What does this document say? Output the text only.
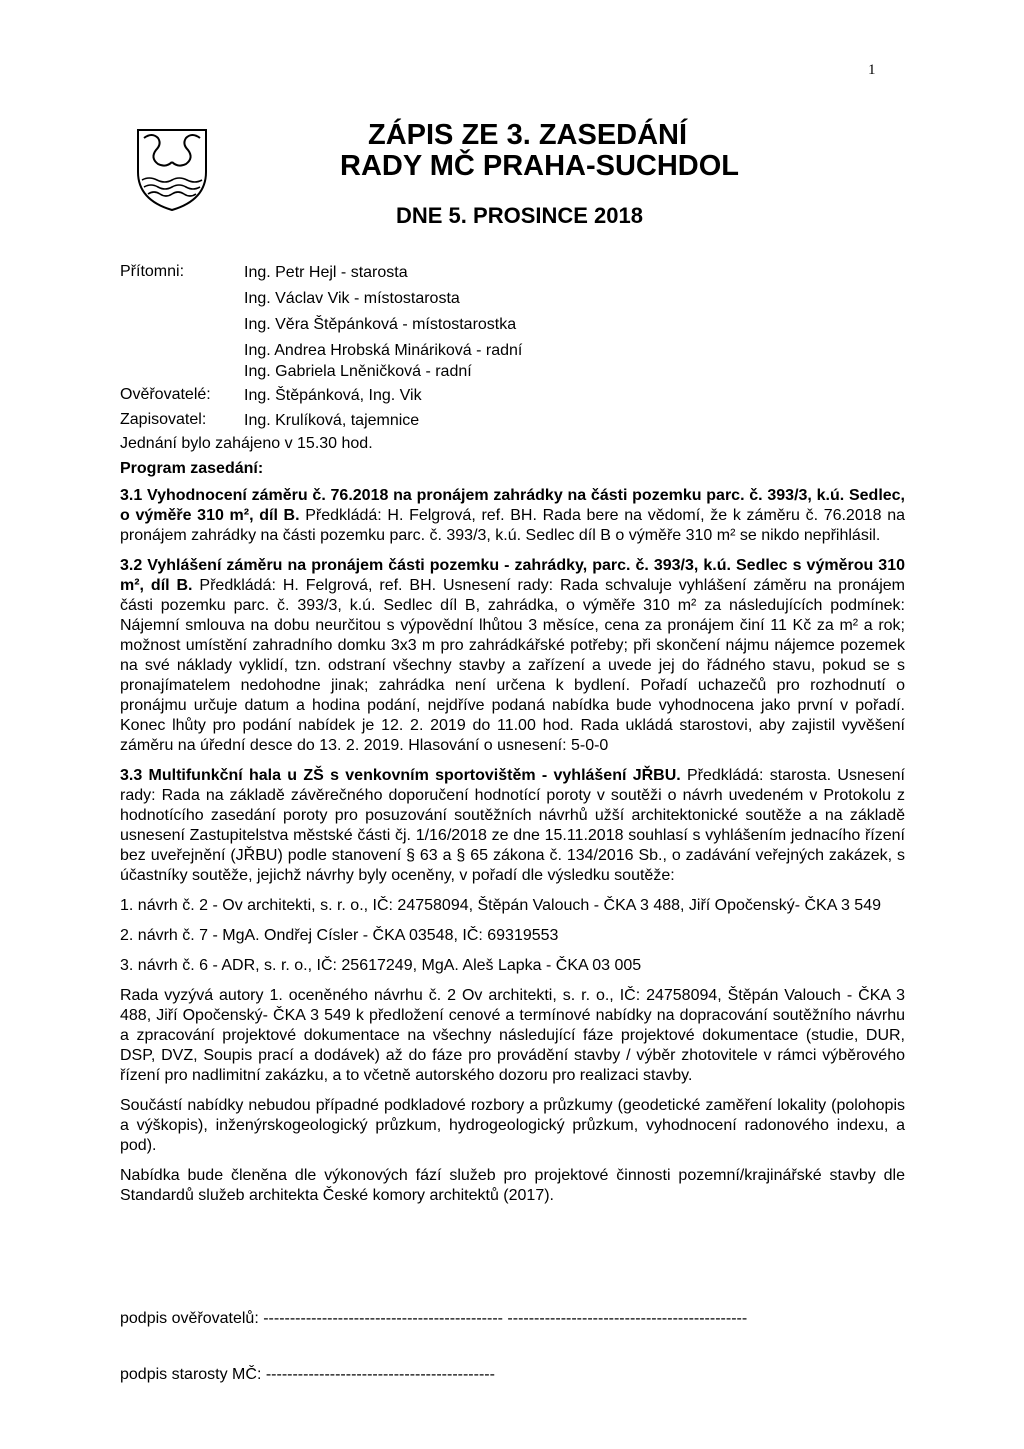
1
ZÁPIS ZE 3. ZASEDÁNÍ
RADY MČ PRAHA-SUCHDOL
DNE 5. PROSINCE 2018
Přítomni:	Ing. Petr Hejl - starosta
Ing. Václav Vik - místostarosta
Ing. Věra Štěpánková - místostarostka
Ing. Andrea Hrobská Mináriková - radní
Ing. Gabriela Lněničková - radní
Ověřovatelé: Ing. Štěpánková, Ing. Vik
Zapisovatel: Ing. Krulíková, tajemnice
Jednání bylo zahájeno v 15.30 hod.
Program zasedání:

3.1 Vyhodnocení záměru č. 76.2018 na pronájem zahrádky na části pozemku parc. č. 393/3, k.ú. Sedlec, o výměře 310 m², díl B. Předkládá: H. Felgrová, ref. BH. Rada bere na vědomí, že k záměru č. 76.2018 na pronájem zahrádky na části pozemku parc. č. 393/3, k.ú. Sedlec díl B o výměře 310 m² se nikdo nepřihlásil.

3.2 Vyhlášení záměru na pronájem části pozemku - zahrádky, parc. č. 393/3, k.ú. Sedlec s výměrou 310 m², díl B. Předkládá: H. Felgrová, ref. BH. Usnesení rady: Rada schvaluje vyhlášení záměru na pronájem části pozemku parc. č. 393/3, k.ú. Sedlec díl B, zahrádka, o výměře 310 m² za následujících podmínek: Nájemní smlouva na dobu neurčitou s výpovědní lhůtou 3 měsíce, cena za pronájem činí 11 Kč za m² a rok; možnost umístění zahradního domku 3x3 m pro zahrádkářské potřeby; při skončení nájmu nájemce pozemek na své náklady vyklidí, tzn. odstraní všechny stavby a zařízení a uvede jej do řádného stavu, pokud se s pronajímatelem nedohodne jinak; zahrádka není určena k bydlení. Pořadí uchazečů pro rozhodnutí o pronájmu určuje datum a hodina podání, nejdříve podaná nabídka bude vyhodnocena jako první v pořadí. Konec lhůty pro podání nabídek je 12. 2. 2019 do 11.00 hod. Rada ukládá starostovi, aby zajistil vyvěšení záměru na úřední desce do 13. 2. 2019. Hlasování o usnesení: 5-0-0

3.3 Multifunkční hala u ZŠ s venkovním sportovištěm - vyhlášení JŘBU. Předkládá: starosta. Usnesení rady: Rada na základě závěrečného doporučení hodnotící poroty v soutěži o návrh uvedeném v Protokolu z hodnotícího zasedání poroty pro posuzování soutěžních návrhů užší architektonické soutěže a na základě usnesení Zastupitelstva městské části čj. 1/16/2018 ze dne 15.11.2018 souhlasí s vyhlášením jednacího řízení bez uveřejnění (JŘBU) podle stanovení § 63 a § 65 zákona č. 134/2016 Sb., o zadávání veřejných zakázek, s účastníky soutěže, jejichž návrhy byly oceněny, v pořadí dle výsledku soutěže:

1. návrh č. 2 - Ov architekti, s. r. o., IČ: 24758094, Štěpán Valouch - ČKA 3 488, Jiří Opočenský- ČKA 3 549

2. návrh č. 7 - MgA. Ondřej Císler - ČKA 03548, IČ: 69319553

3. návrh č. 6 - ADR, s. r. o., IČ: 25617249, MgA. Aleš Lapka - ČKA 03 005

Rada vyzývá autory 1. oceněného návrhu č. 2 Ov architekti, s. r. o., IČ: 24758094, Štěpán Valouch - ČKA 3 488, Jiří Opočenský- ČKA 3 549 k předložení cenové a termínové nabídky na dopracování soutěžního návrhu a zpracování projektové dokumentace na všechny následující fáze projektové dokumentace (studie, DUR, DSP, DVZ, Soupis prací a dodávek) až do fáze pro provádění stavby / výběr zhotovitele v rámci výběrového řízení pro nadlimitní zakázku, a to včetně autorského dozoru pro realizaci stavby.

Součástí nabídky nebudou případné podkladové rozbory a průzkumy (geodetické zaměření lokality (polohopis a výškopis), inženýrskogeologický průzkum, hydrogeologický průzkum, vyhodnocení radonového indexu, a pod).

Nabídka bude členěna dle výkonových fází služeb pro projektové činnosti pozemní/krajinářské stavby dle Standardů služeb architekta České komory architektů (2017).

podpis ověřovatelů: --------------------------------------------- ---------------------------------------------
podpis starosty MČ: -------------------------------------------
